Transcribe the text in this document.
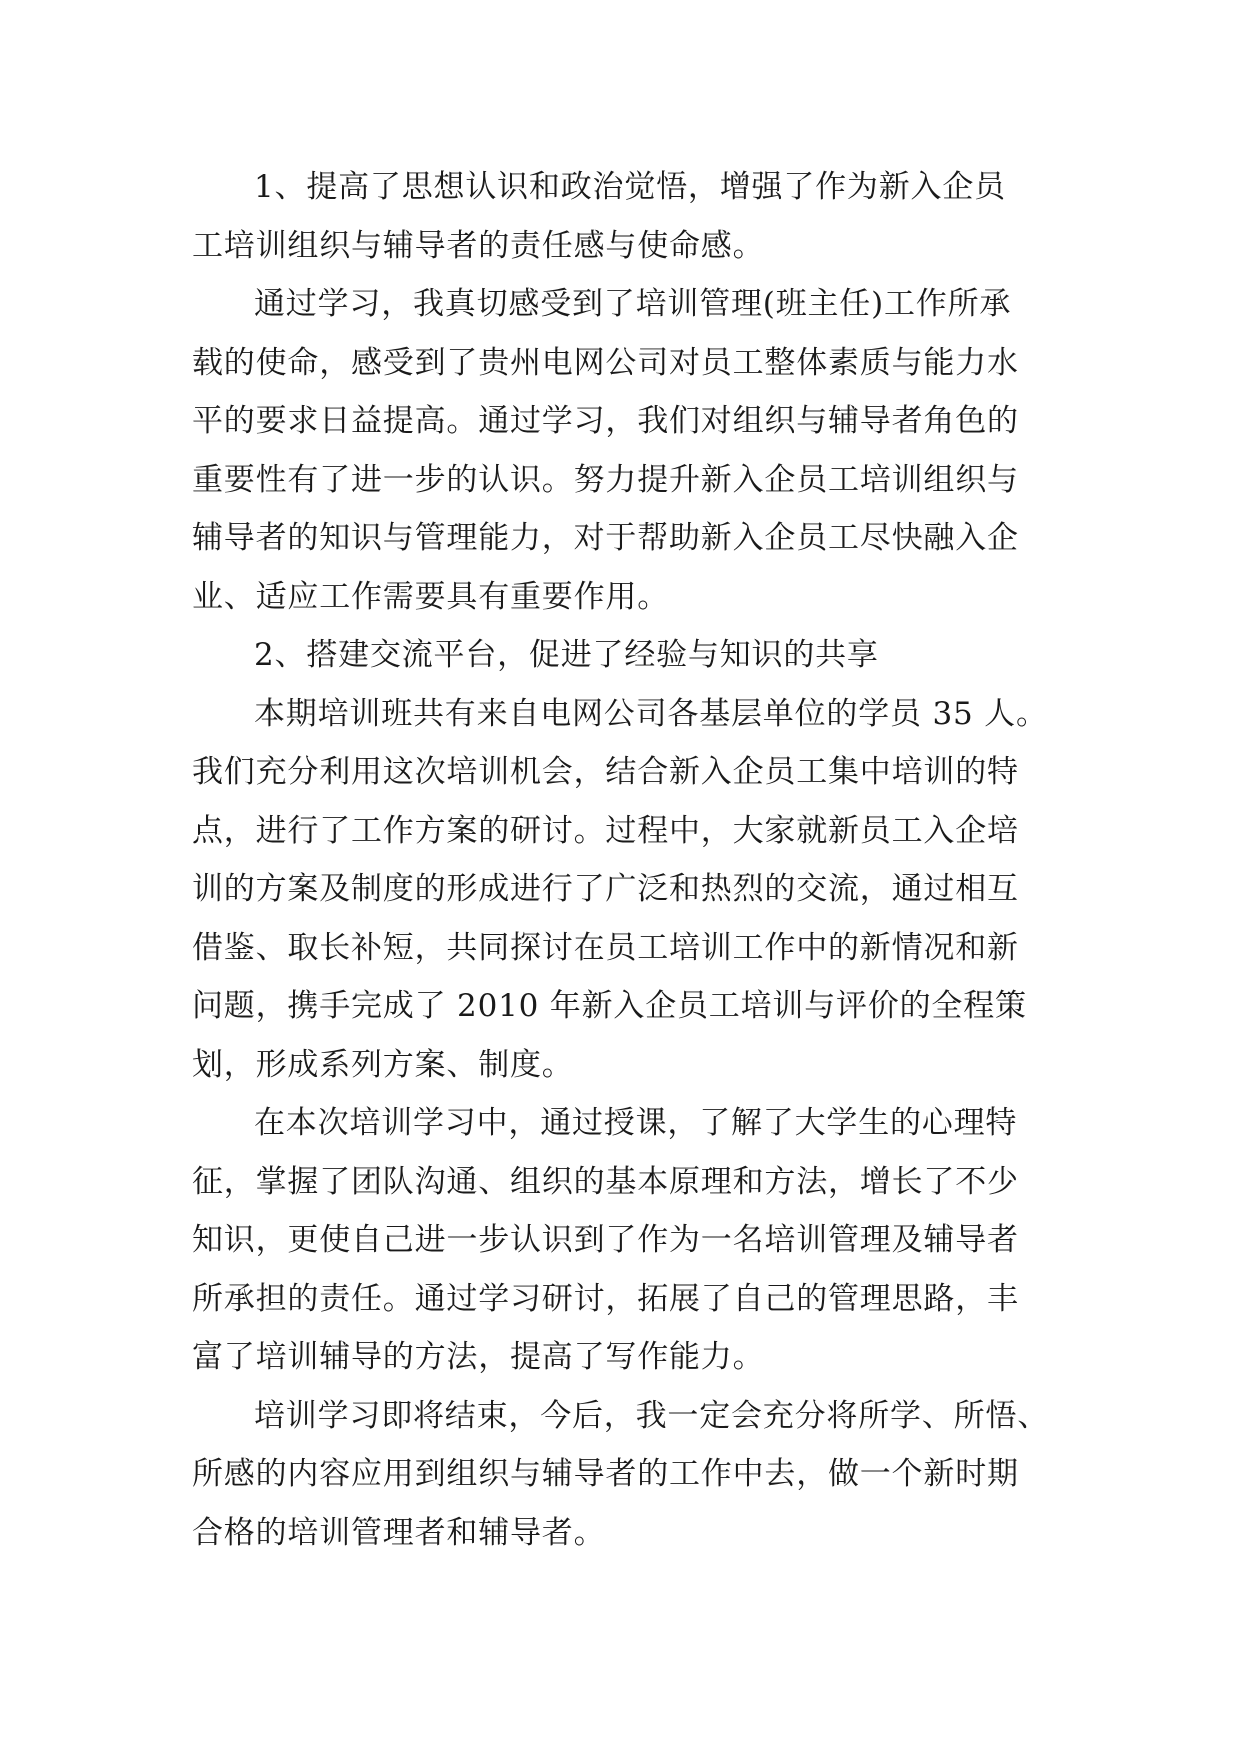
1、提高了思想认识和政治觉悟，增强了作为新入企员
工培训组织与辅导者的责任感与使命感。

通过学习，我真切感受到了培训管理(班主任)工作所承
载的使命，感受到了贵州电网公司对员工整体素质与能力水
平的要求日益提高。通过学习，我们对组织与辅导者角色的
重要性有了进一步的认识。努力提升新入企员工培训组织与
辅导者的知识与管理能力，对于帮助新入企员工尽快融入企
业、适应工作需要具有重要作用。

2、搭建交流平台，促进了经验与知识的共享

本期培训班共有来自电网公司各基层单位的学员 35 人。
我们充分利用这次培训机会，结合新入企员工集中培训的特
点，进行了工作方案的研讨。过程中，大家就新员工入企培
训的方案及制度的形成进行了广泛和热烈的交流，通过相互
借鉴、取长补短，共同探讨在员工培训工作中的新情况和新
问题，携手完成了 2010 年新入企员工培训与评价的全程策
划，形成系列方案、制度。

在本次培训学习中，通过授课，了解了大学生的心理特
征，掌握了团队沟通、组织的基本原理和方法，增长了不少
知识，更使自己进一步认识到了作为一名培训管理及辅导者
所承担的责任。通过学习研讨，拓展了自己的管理思路，丰
富了培训辅导的方法，提高了写作能力。

培训学习即将结束，今后，我一定会充分将所学、所悟、
所感的内容应用到组织与辅导者的工作中去，做一个新时期
合格的培训管理者和辅导者。
